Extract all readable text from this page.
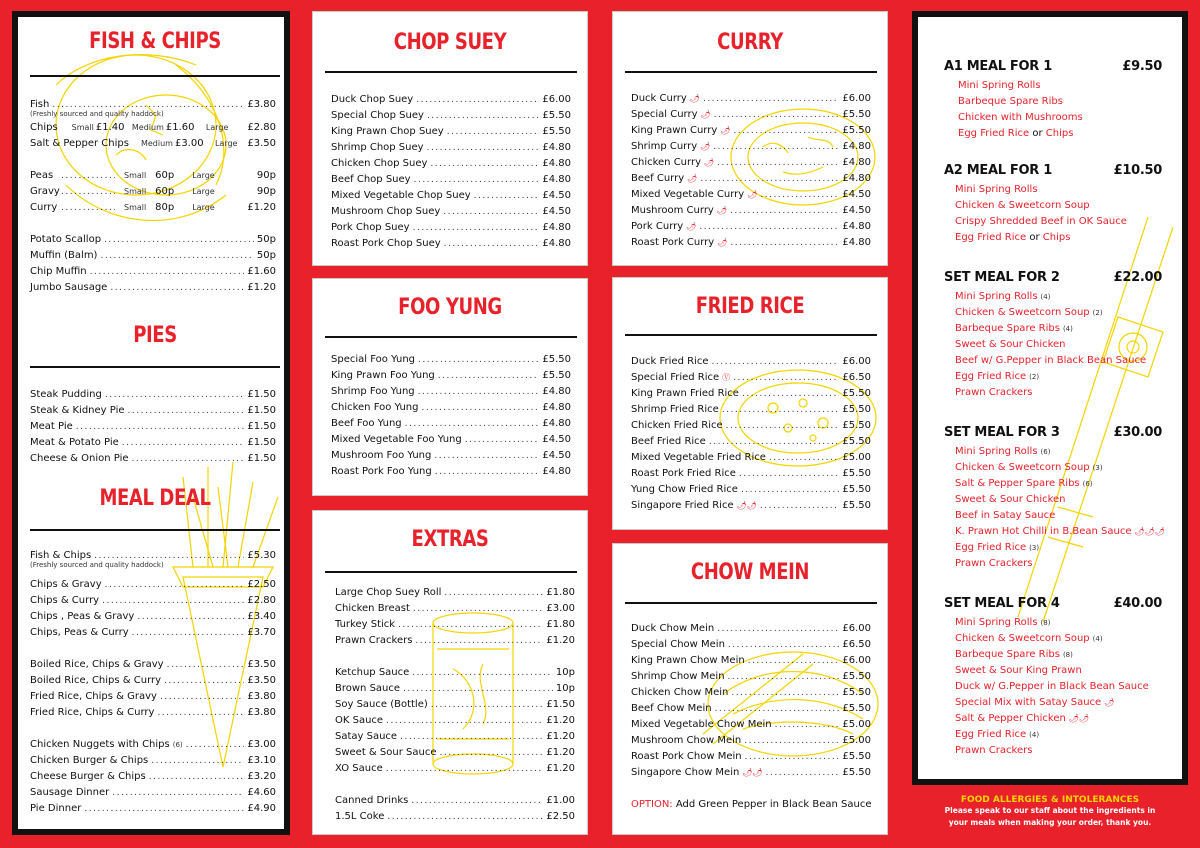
FISH & CHIPS
Fish .....	£3.80
(Freshly sourced and quality haddock)
Chips Small £1.40 Medium £1.60 Large £2.80
Salt & Pepper Chips Medium £3.00 Large £3.50
Peas .....	Small 60p Large	90p
Gravy .....	Small 60p Large	90p
Curry .....	Small 80p Large	£1.20
Potato Scallop .....	50p
Muffin (Balm) .....	50p
Chip Muffin .....	£1.60
Jumbo Sausage .....	£1.20
PIES
Steak Pudding .....	£1.50
Steak & Kidney Pie .....	£1.50
Meat Pie .....	£1.50
Meat & Potato Pie .....	£1.50
Cheese & Onion Pie .....	£1.50
MEAL DEAL
Fish & Chips .....	£5.30
(Freshly sourced and quality haddock)
Chips & Gravy .....	£2.50
Chips & Curry .....	£2.80
Chips , Peas & Gravy .....	£3.40
Chips, Peas & Curry .....	£3.70
Boiled Rice, Chips & Gravy .....	£3.50
Boiled Rice, Chips & Curry .....	£3.50
Fried Rice, Chips & Gravy .....	£3.80
Fried Rice, Chips & Curry .....	£3.80
Chicken Nuggets with Chips (6) .....	£3.00
Chicken Burger & Chips .....	£3.10
Cheese Burger & Chips .....	£3.20
Sausage Dinner .....	£4.60
Pie Dinner .....	£4.90
CHOP SUEY
Duck Chop Suey .....	£6.00
Special Chop Suey .....	£5.50
King Prawn Chop Suey .....	£5.50
Shrimp Chop Suey .....	£4.80
Chicken Chop Suey .....	£4.80
Beef Chop Suey .....	£4.80
Mixed Vegetable Chop Suey .....	£4.50
Mushroom Chop Suey .....	£4.50
Pork Chop Suey .....	£4.80
Roast Pork Chop Suey .....	£4.80
FOO YUNG
Special Foo Yung .....	£5.50
King Prawn Foo Yung .....	£5.50
Shrimp Foo Yung .....	£4.80
Chicken Foo Yung .....	£4.80
Beef Foo Yung .....	£4.80
Mixed Vegetable Foo Yung .....	£4.50
Mushroom Foo Yung .....	£4.50
Roast Pork Foo Yung .....	£4.80
EXTRAS
Large Chop Suey Roll .....	£1.80
Chicken Breast .....	£3.00
Turkey Stick .....	£1.80
Prawn Crackers .....	£1.20
Ketchup Sauce .....	10p
Brown Sauce .....	10p
Soy Sauce (Bottle) .....	£1.50
OK Sauce .....	£1.20
Satay Sauce .....	£1.20
Sweet & Sour Sauce .....	£1.20
XO Sauce .....	£1.20
Canned Drinks .....	£1.00
1.5L Coke .....	£2.50
CURRY
Duck Curry 🌶 .....	£6.00
Special Curry 🌶 .....	£5.50
King Prawn Curry 🌶 .....	£5.50
Shrimp Curry 🌶 .....	£4.80
Chicken Curry 🌶 .....	£4.80
Beef Curry 🌶 .....	£4.80
Mixed Vegetable Curry 🌶 .....	£4.50
Mushroom Curry 🌶 .....	£4.50
Pork Curry 🌶 .....	£4.80
Roast Pork Curry 🌶 .....	£4.80
FRIED RICE
Duck Fried Rice .....	£6.00
Special Fried Rice Ⓥ .....	£6.50
King Prawn Fried Rice .....	£5.50
Shrimp Fried Rice .....	£5.50
Chicken Fried Rice .....	£5.50
Beef Fried Rice .....	£5.50
Mixed Vegetable Fried Rice .....	£5.00
Roast Pork Fried Rice .....	£5.50
Yung Chow Fried Rice .....	£5.50
Singapore Fried Rice 🌶🌶 .....	£5.50
CHOW MEIN
Duck Chow Mein .....	£6.00
Special Chow Mein .....	£6.50
King Prawn Chow Mein .....	£6.00
Shrimp Chow Mein .....	£5.50
Chicken Chow Mein .....	£5.50
Beef Chow Mein .....	£5.50
Mixed Vegetable Chow Mein .....	£5.00
Mushroom Chow Mein .....	£5.00
Roast Pork Chow Mein .....	£5.50
Singapore Chow Mein 🌶🌶 .....	£5.50
OPTION: Add Green Pepper in Black Bean Sauce
A1 MEAL FOR 1	£9.50
Mini Spring Rolls
Barbeque Spare Ribs
Chicken with Mushrooms
Egg Fried Rice or Chips
A2 MEAL FOR 1	£10.50
Mini Spring Rolls
Chicken & Sweetcorn Soup
Crispy Shredded Beef in OK Sauce
Egg Fried Rice or Chips
SET MEAL FOR 2	£22.00
Mini Spring Rolls (4)
Chicken & Sweetcorn Soup (2)
Barbeque Spare Ribs (4)
Sweet & Sour Chicken
Beef w/ G.Pepper in Black Bean Sauce
Egg Fried Rice (2)
Prawn Crackers
SET MEAL FOR 3	£30.00
Mini Spring Rolls (6)
Chicken & Sweetcorn Soup (3)
Salt & Pepper Spare Ribs (6)
Sweet & Sour Chicken
Beef in Satay Sauce
K. Prawn Hot Chilli in B.Bean Sauce 🌶🌶🌶
Egg Fried Rice (3)
Prawn Crackers
SET MEAL FOR 4	£40.00
Mini Spring Rolls (8)
Chicken & Sweetcorn Soup (4)
Barbeque Spare Ribs (8)
Sweet & Sour King Prawn
Duck w/ G.Pepper in Black Bean Sauce
Special Mix with Satay Sauce 🌶
Salt & Pepper Chicken 🌶🌶
Egg Fried Rice (4)
Prawn Crackers
FOOD ALLERGIES & INTOLERANCES
Please speak to our staff about the ingredients in
your meals when making your order, thank you.
